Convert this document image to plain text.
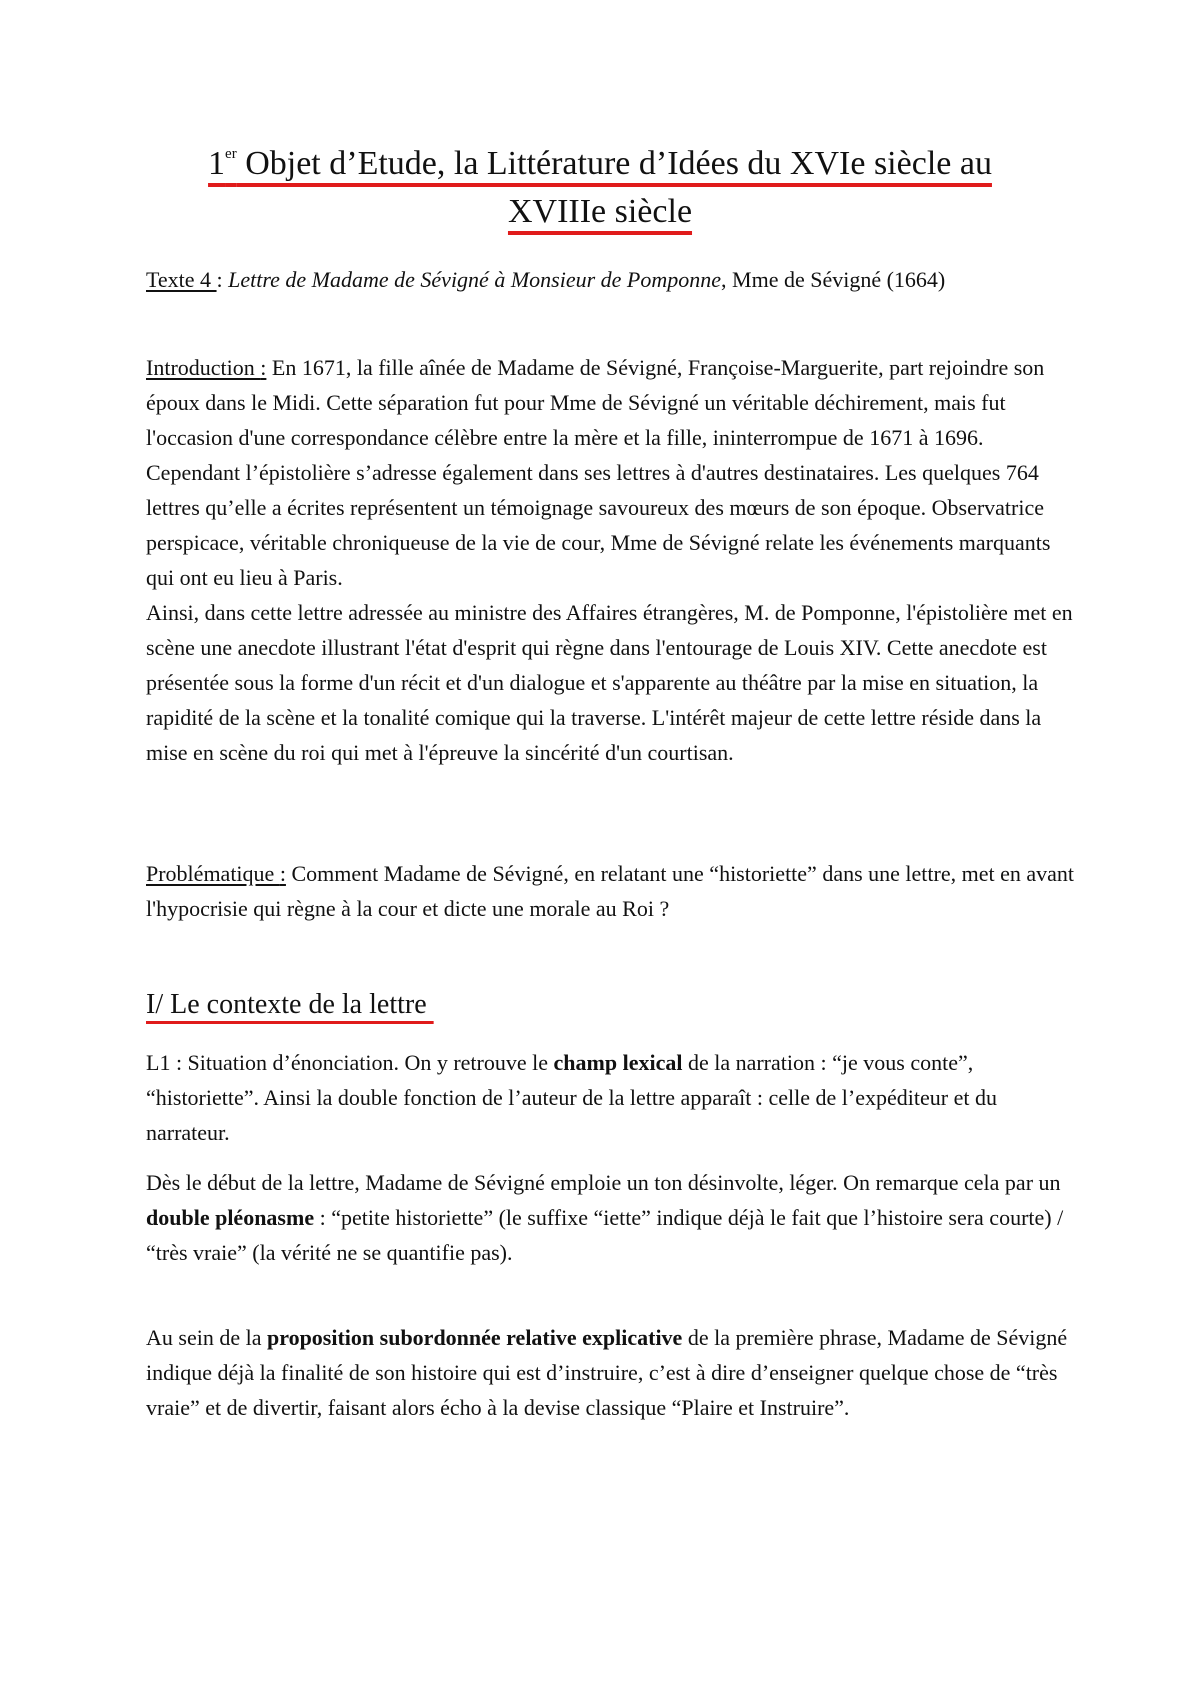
1er Objet d’Etude, la Littérature d’Idées du XVIe siècle au
XVIIIe siècle

Texte 4 : Lettre de Madame de Sévigné à Monsieur de Pomponne, Mme de Sévigné (1664)

Introduction : En 1671, la fille aînée de Madame de Sévigné, Françoise-Marguerite, part rejoindre son époux dans le Midi. Cette séparation fut pour Mme de Sévigné un véritable déchirement, mais fut l'occasion d'une correspondance célèbre entre la mère et la fille, ininterrompue de 1671 à 1696. Cependant l’épistolière s’adresse également dans ses lettres à d'autres destinataires. Les quelques 764 lettres qu’elle a écrites représentent un témoignage savoureux des mœurs de son époque. Observatrice perspicace, véritable chroniqueuse de la vie de cour, Mme de Sévigné relate les événements marquants qui ont eu lieu à Paris.

Ainsi, dans cette lettre adressée au ministre des Affaires étrangères, M. de Pomponne, l'épistolière met en scène une anecdote illustrant l'état d'esprit qui règne dans l'entourage de Louis XIV. Cette anecdote est présentée sous la forme d'un récit et d'un dialogue et s'apparente au théâtre par la mise en situation, la rapidité de la scène et la tonalité comique qui la traverse. L'intérêt majeur de cette lettre réside dans la mise en scène du roi qui met à l'épreuve la sincérité d'un courtisan.

Problématique : Comment Madame de Sévigné, en relatant une “historiette” dans une lettre, met en avant l'hypocrisie qui règne à la cour et dicte une morale au Roi ?

I/ Le contexte de la lettre

L1 : Situation d’énonciation. On y retrouve le champ lexical de la narration : “je vous conte”, “historiette”. Ainsi la double fonction de l’auteur de la lettre apparaît : celle de l’expéditeur et du narrateur.

Dès le début de la lettre, Madame de Sévigné emploie un ton désinvolte, léger. On remarque cela par un double pléonasme : “petite historiette” (le suffixe “iette” indique déjà le fait que l’histoire sera courte) / “très vraie” (la vérité ne se quantifie pas).

Au sein de la proposition subordonnée relative explicative de la première phrase, Madame de Sévigné indique déjà la finalité de son histoire qui est d’instruire, c’est à dire d’enseigner quelque chose de “très vraie” et de divertir, faisant alors écho à la devise classique “Plaire et Instruire”.
